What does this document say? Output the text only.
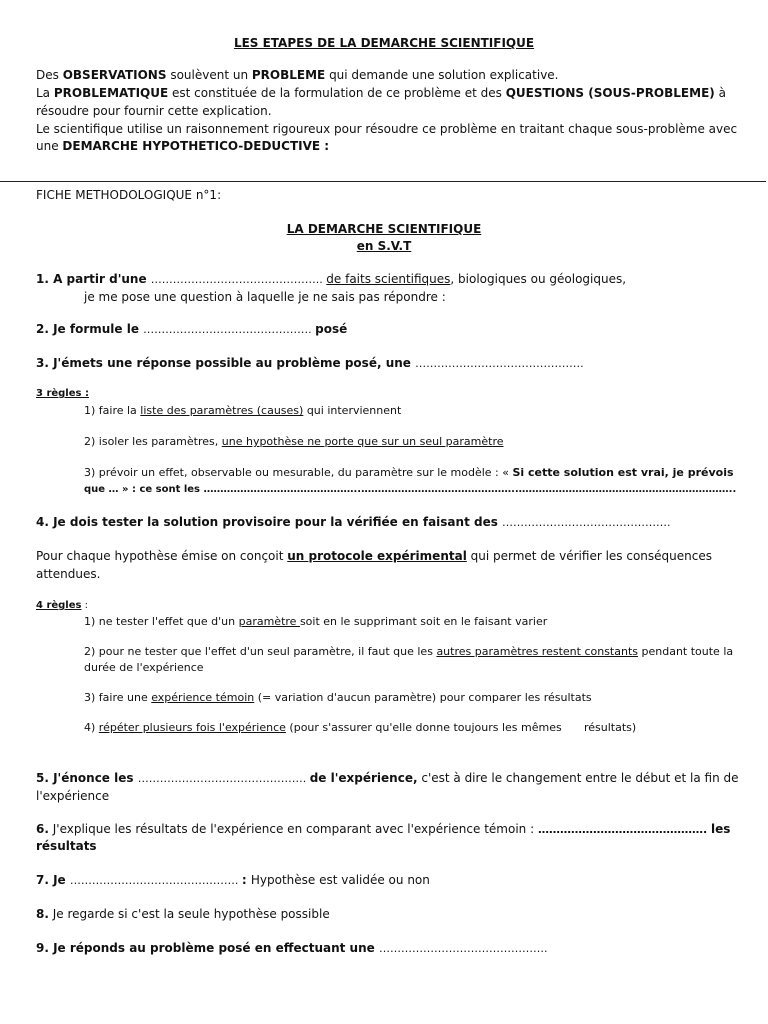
LES ETAPES DE LA DEMARCHE SCIENTIFIQUE
Des OBSERVATIONS soulèvent un PROBLEME qui demande une solution explicative.
La PROBLEMATIQUE est constituée de la formulation de ce problème et des QUESTIONS (SOUS-PROBLEME) à
résoudre pour fournir cette explication.
Le scientifique utilise un raisonnement rigoureux pour résoudre ce problème en traitant chaque sous-problème avec
une DEMARCHE HYPOTHETICO-DEDUCTIVE :
FICHE METHODOLOGIQUE n°1:
LA DEMARCHE SCIENTIFIQUE
en S.V.T
1. A partir d'une ……………………………………….. de faits scientifiques, biologiques ou géologiques,
je me pose une question à laquelle je ne sais pas répondre :
2. Je formule le ………………………………………. posé
3. J'émets une réponse possible au problème posé, une ……………………………………….
3 règles :
1) faire la liste des paramètres (causes) qui interviennent
2) isoler les paramètres, une hypothèse ne porte que sur un seul paramètre
3) prévoir un effet, observable ou mesurable, du paramètre sur le modèle : « Si cette solution est vrai, je prévois
que … » : ce sont les ………………………………………..………………………………………..………………………………………………………..
4. Je dois tester la solution provisoire pour la vérifiée en faisant des ……………………………………….
Pour chaque hypothèse émise on conçoit un protocole expérimental qui permet de vérifier les conséquences
attendues.
4 règles :
1) ne tester l'effet que d'un paramètre soit en le supprimant soit en le faisant varier
2) pour ne tester que l'effet d'un seul paramètre, il faut que les autres paramètres restent constants pendant toute la
durée de l'expérience
3) faire une expérience témoin (= variation d'aucun paramètre) pour comparer les résultats
4) répéter plusieurs fois l'expérience (pour s'assurer qu'elle donne toujours les mêmes résultats)
5. J'énonce les ………………………………………. de l'expérience, c'est à dire le changement entre le début et la fin de
l'expérience
6. J'explique les résultats de l'expérience en comparant avec l'expérience témoin : ………………………………………. les
résultats
7. Je ………………………………………. : Hypothèse est validée ou non
8. Je regarde si c'est la seule hypothèse possible
9. Je réponds au problème posé en effectuant une ……………………………………….
